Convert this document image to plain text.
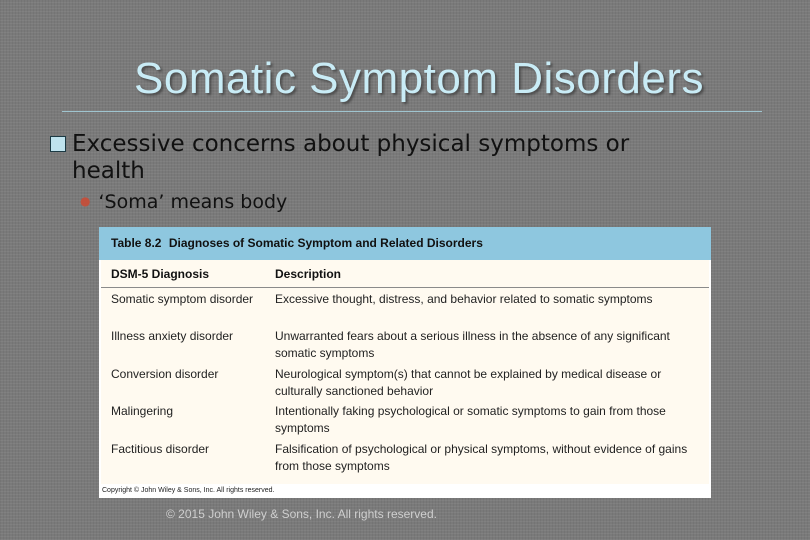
Somatic Symptom Disorders
Excessive concerns about physical symptoms or
health
● ‘Soma’ means body
Table 8.2 Diagnoses of Somatic Symptom and Related Disorders
DSM-5 Diagnosis	Description
Somatic symptom disorder	Excessive thought, distress, and behavior related to somatic symptoms
Illness anxiety disorder	Unwarranted fears about a serious illness in the absence of any significant somatic symptoms
Conversion disorder	Neurological symptom(s) that cannot be explained by medical disease or culturally sanctioned behavior
Malingering	Intentionally faking psychological or somatic symptoms to gain from those symptoms
Factitious disorder	Falsification of psychological or physical symptoms, without evidence of gains from those symptoms
Copyright © John Wiley & Sons, Inc. All rights reserved.
© 2015 John Wiley & Sons, Inc. All rights reserved.
